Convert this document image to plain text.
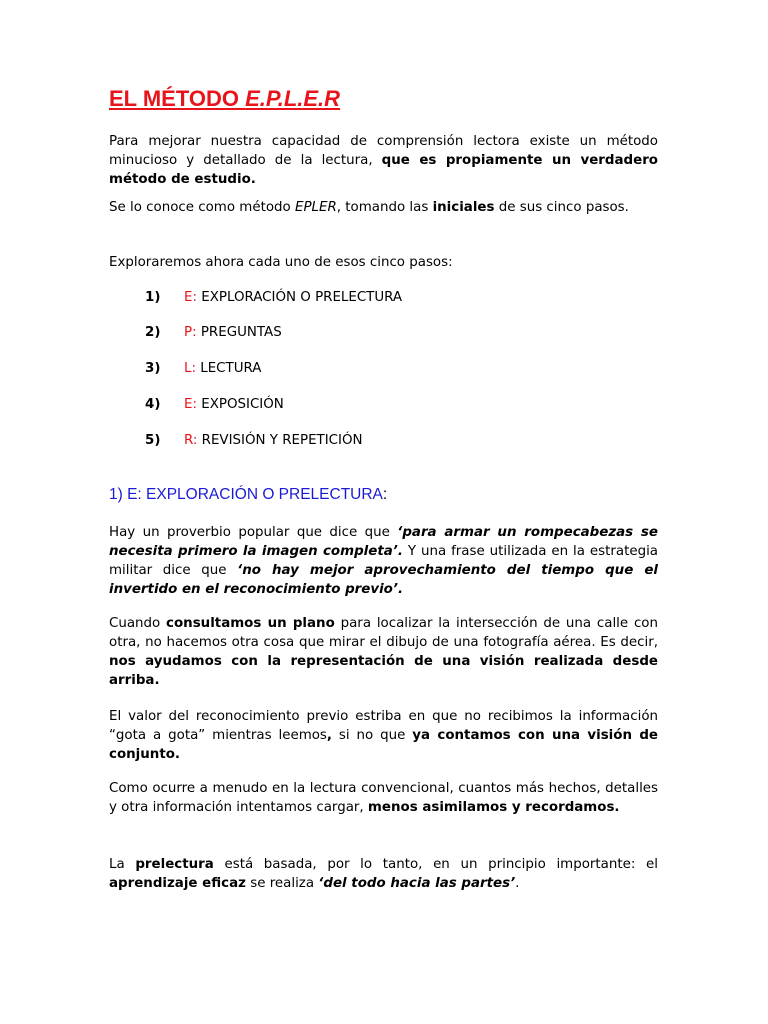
EL MÉTODO E.P.L.E.R

Para mejorar nuestra capacidad de comprensión lectora existe un método minucioso y detallado de la lectura, que es propiamente un verdadero método de estudio.

Se lo conoce como método EPLER, tomando las iniciales de sus cinco pasos.

Exploraremos ahora cada uno de esos cinco pasos:

1) E: EXPLORACIÓN O PRELECTURA
2) P: PREGUNTAS
3) L: LECTURA
4) E: EXPOSICIÓN
5) R: REVISIÓN Y REPETICIÓN
1) E: EXPLORACIÓN O PRELECTURA:

Hay un proverbio popular que dice que ‘para armar un rompecabezas se necesita primero la imagen completa’. Y una frase utilizada en la estrategia militar dice que ‘no hay mejor aprovechamiento del tiempo que el invertido en el reconocimiento previo’.

Cuando consultamos un plano para localizar la intersección de una calle con otra, no hacemos otra cosa que mirar el dibujo de una fotografía aérea. Es decir, nos ayudamos con la representación de una visión realizada desde arriba.

El valor del reconocimiento previo estriba en que no recibimos la información “gota a gota” mientras leemos, si no que ya contamos con una visión de conjunto.

Como ocurre a menudo en la lectura convencional, cuantos más hechos, detalles y otra información intentamos cargar, menos asimilamos y recordamos.

La prelectura está basada, por lo tanto, en un principio importante: el aprendizaje eficaz se realiza ‘del todo hacia las partes’.
